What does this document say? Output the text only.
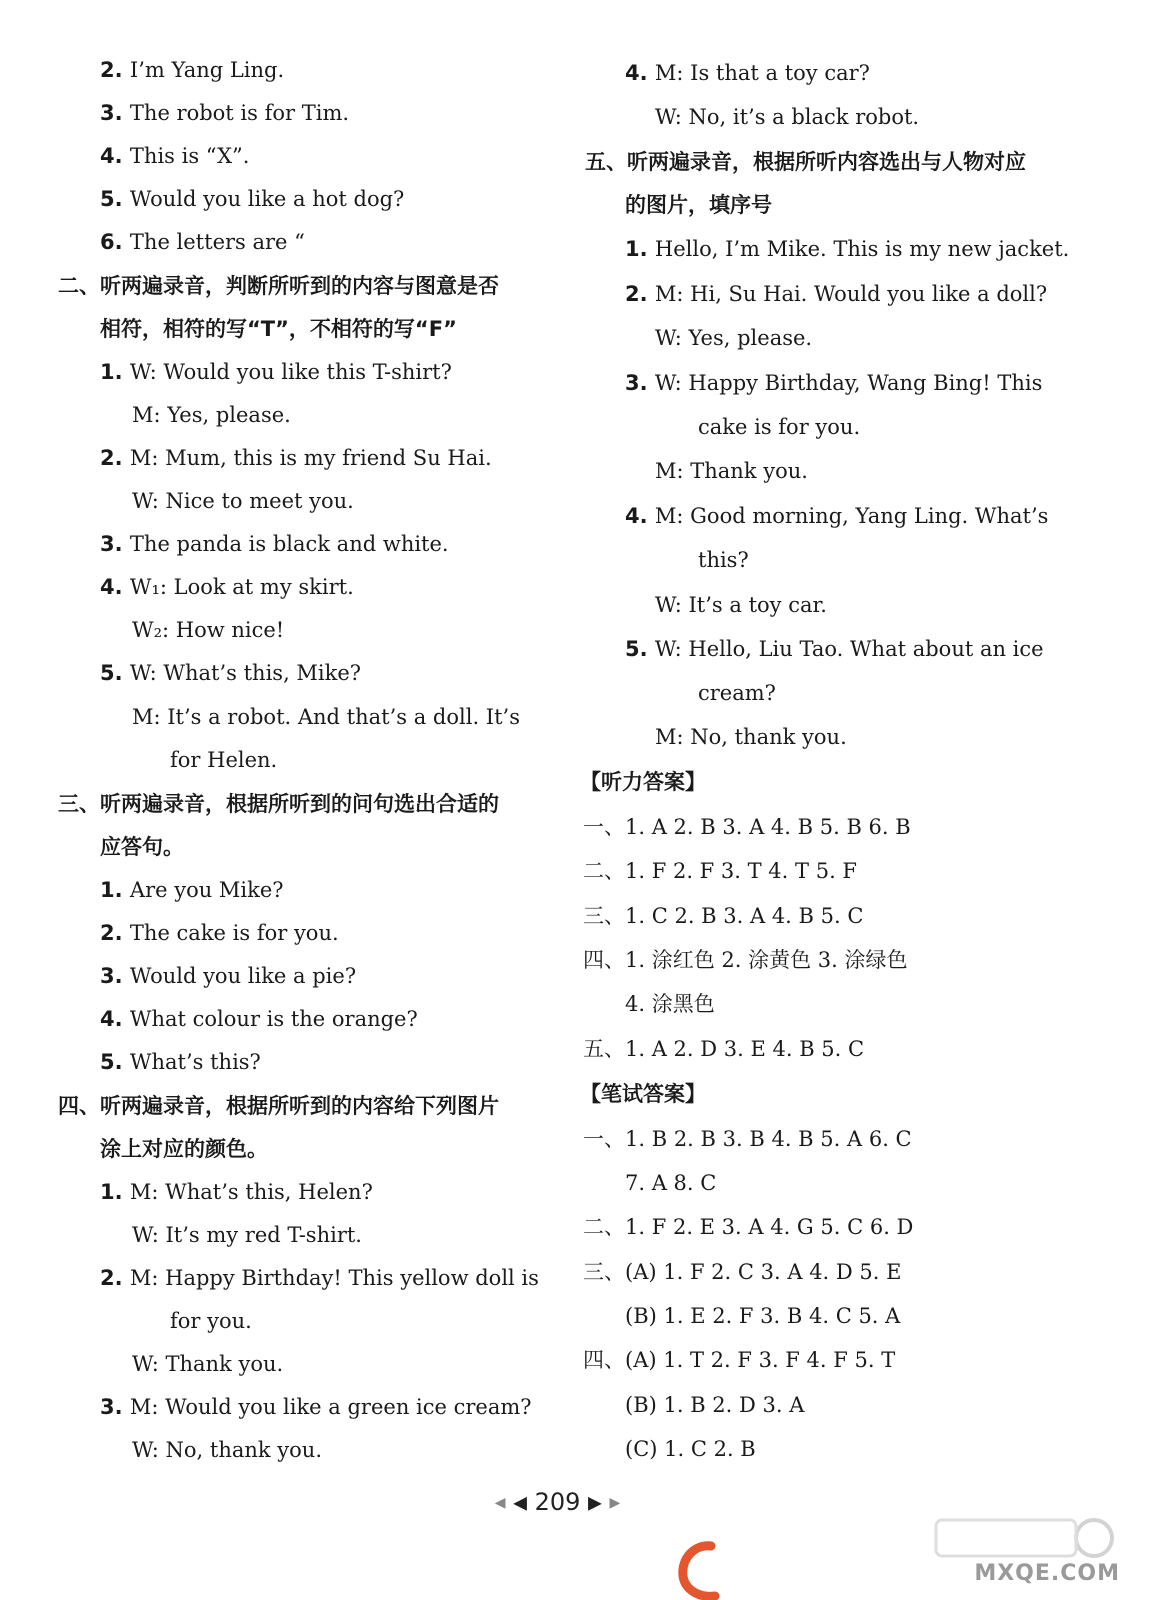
2. I’m Yang Ling.
3. The robot is for Tim.
4. This is “X”.
5. Would you like a hot dog?
6. The letters are “
二、听两遍录音，判断所听到的内容与图意是否
相符，相符的写“T”，不相符的写“F”
1. W: Would you like this T-shirt?
M: Yes, please.
2. M: Mum, this is my friend Su Hai.
W: Nice to meet you.
3. The panda is black and white.
4. W₁: Look at my skirt.
W₂: How nice!
5. W: What’s this, Mike?
M: It’s a robot. And that’s a doll. It’s
for Helen.
三、听两遍录音，根据所听到的问句选出合适的
应答句。
1. Are you Mike?
2. The cake is for you.
3. Would you like a pie?
4. What colour is the orange?
5. What’s this?
四、听两遍录音，根据所听到的内容给下列图片
涂上对应的颜色。
1. M: What’s this, Helen?
W: It’s my red T-shirt.
2. M: Happy Birthday! This yellow doll is
for you.
W: Thank you.
3. M: Would you like a green ice cream?
W: No, thank you.
4. M: Is that a toy car?
W: No, it’s a black robot.
五、听两遍录音，根据所听内容选出与人物对应
的图片，填序号
1. Hello, I’m Mike. This is my new jacket.
2. M: Hi, Su Hai. Would you like a doll?
W: Yes, please.
3. W: Happy Birthday, Wang Bing! This
cake is for you.
M: Thank you.
4. M: Good morning, Yang Ling. What’s
this?
W: It’s a toy car.
5. W: Hello, Liu Tao. What about an ice
cream?
M: No, thank you.
【听力答案】
一、1. A 2. B 3. A 4. B 5. B 6. B
二、1. F 2. F 3. T 4. T 5. F
三、1. C 2. B 3. A 4. B 5. C
四、1. 涂红色 2. 涂黄色 3. 涂绿色
4. 涂黑色
五、1. A 2. D 3. E 4. B 5. C
【笔试答案】
一、1. B 2. B 3. B 4. B 5. A 6. C
7. A 8. C
二、1. F 2. E 3. A 4. G 5. C 6. D
三、(A) 1. F 2. C 3. A 4. D 5. E
(B) 1. E 2. F 3. B 4. C 5. A
四、(A) 1. T 2. F 3. F 4. F 5. T
(B) 1. B 2. D 3. A
(C) 1. C 2. B
◀ ◀ 209 ▶ ▶
MXQE.COM
